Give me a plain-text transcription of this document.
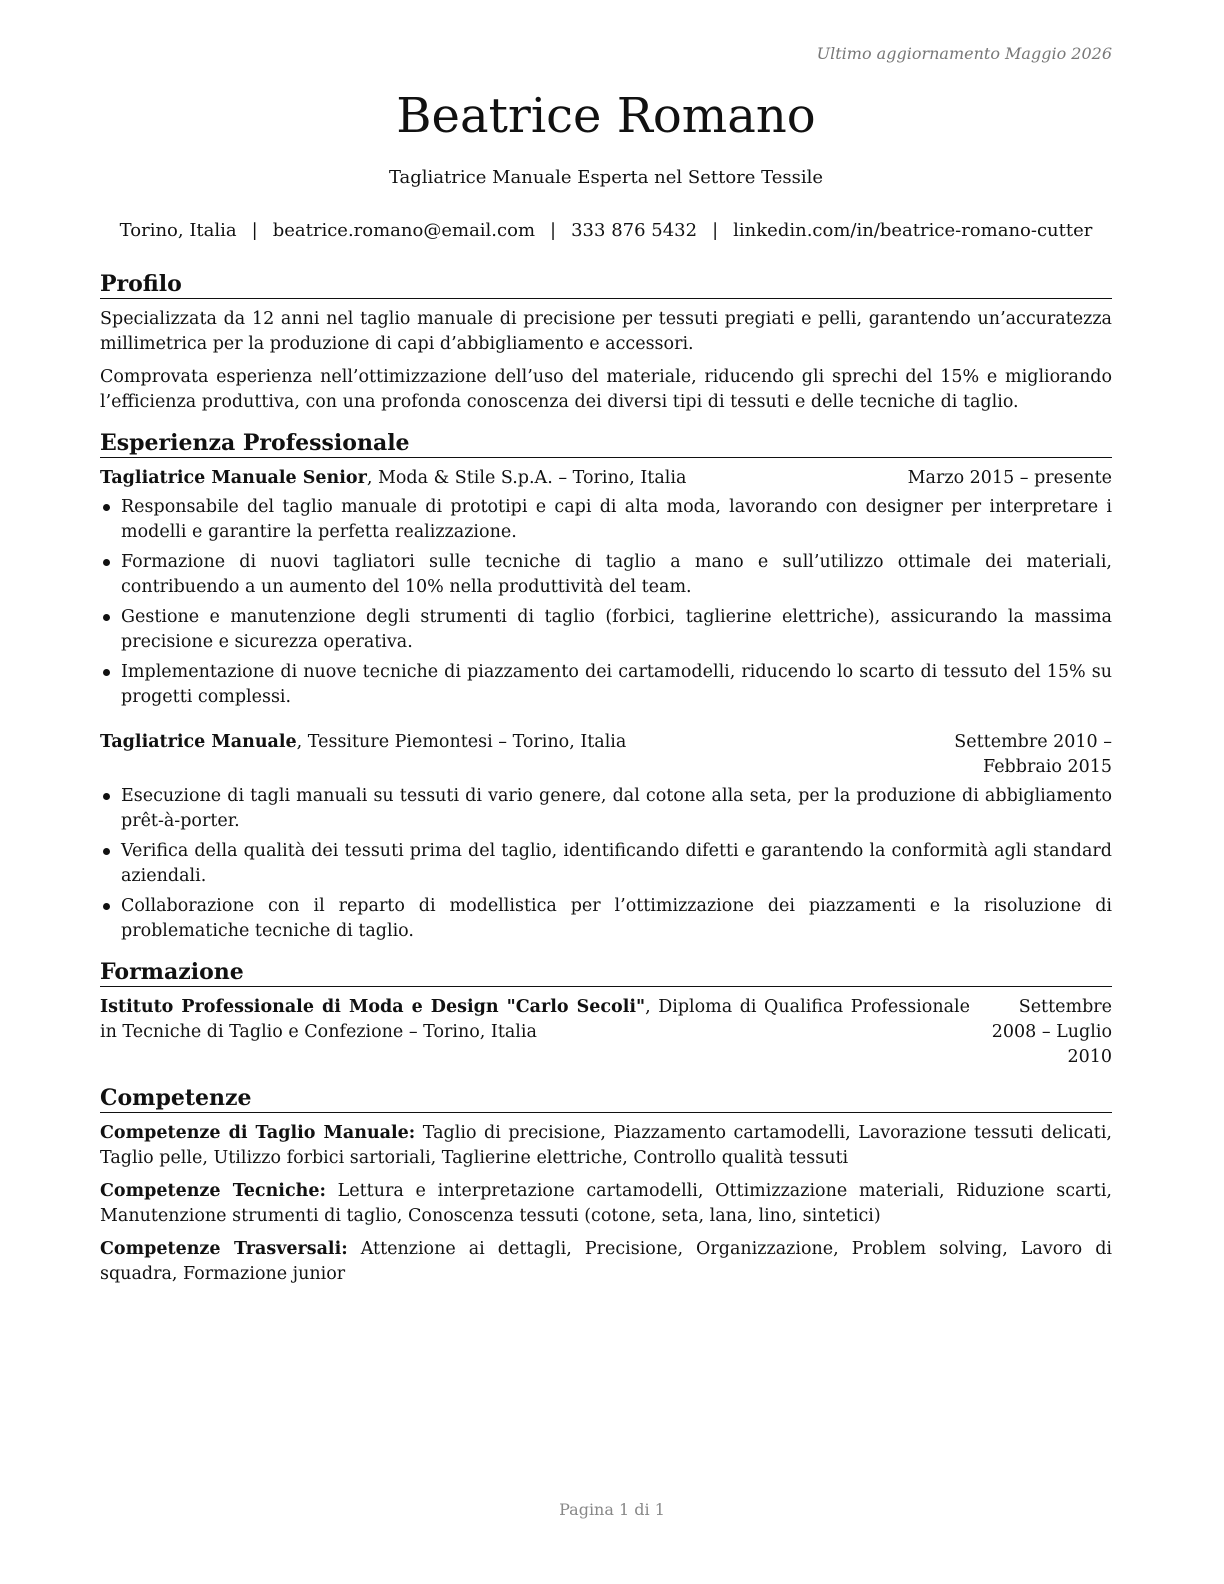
Ultimo aggiornamento Maggio 2026
Beatrice Romano
Tagliatrice Manuale Esperta nel Settore Tessile
Torino, Italia | beatrice.romano@email.com | 333 876 5432 | linkedin.com/in/beatrice-romano-cutter
Profilo

Specializzata da 12 anni nel taglio manuale di precisione per tessuti pregiati e pelli, garantendo un’accuratezza millimetrica per la produzione di capi d’abbigliamento e accessori.

Comprovata esperienza nell’ottimizzazione dell’uso del materiale, riducendo gli sprechi del 15% e migliorando l’efficienza produttiva, con una profonda conoscenza dei diversi tipi di tessuti e delle tecniche di taglio.

Esperienza Professionale
Tagliatrice Manuale Senior, Moda & Stile S.p.A. – Torino, Italia	Marzo 2015 – presente
Responsabile del taglio manuale di prototipi e capi di alta moda, lavorando con designer per interpretare i modelli e garantire la perfetta realizzazione.
Formazione di nuovi tagliatori sulle tecniche di taglio a mano e sull’utilizzo ottimale dei materiali, contribuendo a un aumento del 10% nella produttività del team.
Gestione e manutenzione degli strumenti di taglio (forbici, taglierine elettriche), assicurando la massima precisione e sicurezza operativa.
Implementazione di nuove tecniche di piazzamento dei cartamodelli, riducendo lo scarto di tessuto del 15% su progetti complessi.
Tagliatrice Manuale, Tessiture Piemontesi – Torino, Italia	Settembre 2010 – Febbraio 2015
Esecuzione di tagli manuali su tessuti di vario genere, dal cotone alla seta, per la produzione di abbigliamento prêt-à-porter.
Verifica della qualità dei tessuti prima del taglio, identificando difetti e garantendo la conformità agli standard aziendali.
Collaborazione con il reparto di modellistica per l’ottimizzazione dei piazzamenti e la risoluzione di problematiche tecniche di taglio.
Formazione
Istituto Professionale di Moda e Design "Carlo Secoli", Diploma di Qualifica Professionale in Tecniche di Taglio e Confezione – Torino, Italia
Settembre 2008 – Luglio 2010
Competenze
Competenze di Taglio Manuale: Taglio di precisione, Piazzamento cartamodelli, Lavorazione tessuti delicati, Taglio pelle, Utilizzo forbici sartoriali, Taglierine elettriche, Controllo qualità tessuti
Competenze Tecniche: Lettura e interpretazione cartamodelli, Ottimizzazione materiali, Riduzione scarti, Manutenzione strumenti di taglio, Conoscenza tessuti (cotone, seta, lana, lino, sintetici)
Competenze Trasversali: Attenzione ai dettagli, Precisione, Organizzazione, Problem solving, Lavoro di squadra, Formazione junior
Pagina 1 di 1
